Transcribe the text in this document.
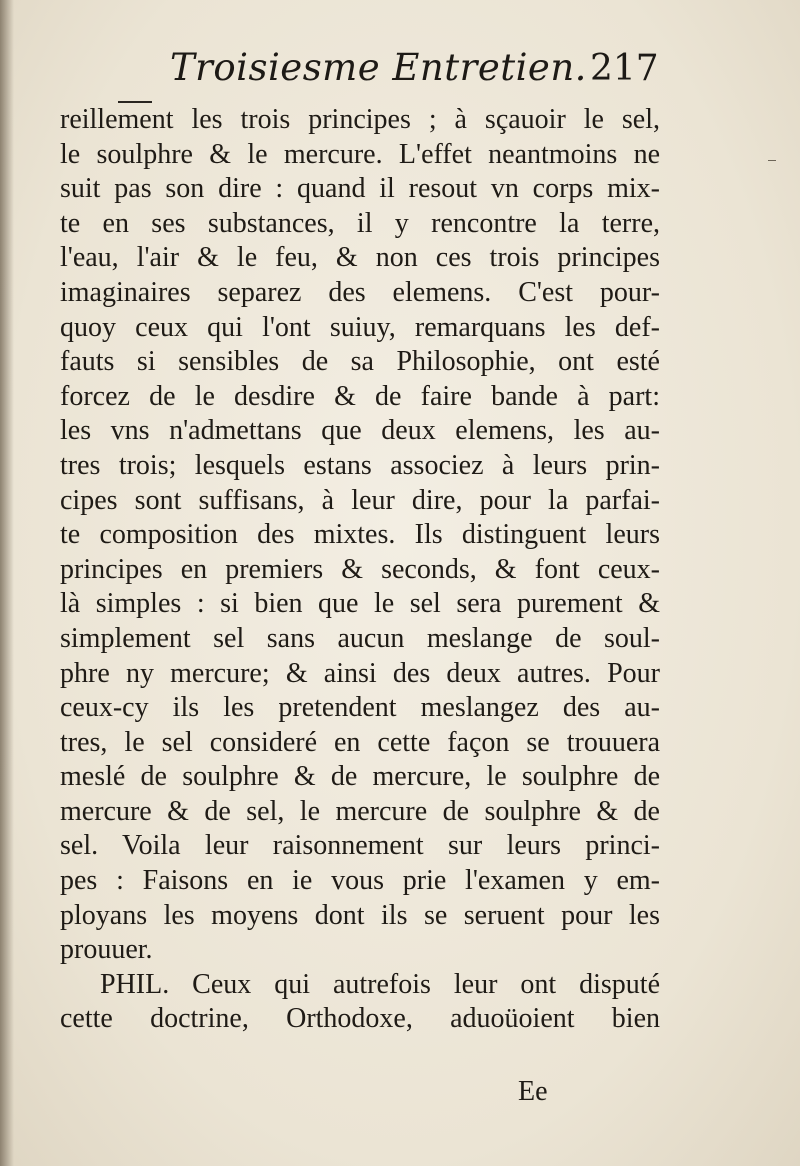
Troisiesme Entretien. 217
reillement les trois principes ; à sçauoir le sel,
le soulphre & le mercure. L'effet neantmoins ne
suit pas son dire : quand il resout vn corps mix-
te en ses substances, il y rencontre la terre,
l'eau, l'air & le feu, & non ces trois principes
imaginaires separez des elemens. C'est pour-
quoy ceux qui l'ont suiuy, remarquans les def-
fauts si sensibles de sa Philosophie, ont esté
forcez de le desdire & de faire bande à part:
les vns n'admettans que deux elemens, les au-
tres trois; lesquels estans associez à leurs prin-
cipes sont suffisans, à leur dire, pour la parfai-
te composition des mixtes. Ils distinguent leurs
principes en premiers & seconds, & font ceux-
là simples : si bien que le sel sera purement &
simplement sel sans aucun meslange de soul-
phre ny mercure; & ainsi des deux autres. Pour
ceux-cy ils les pretendent meslangez des au-
tres, le sel consideré en cette façon se trouuera
meslé de soulphre & de mercure, le soulphre de
mercure & de sel, le mercure de soulphre & de
sel. Voila leur raisonnement sur leurs princi-
pes : Faisons en ie vous prie l'examen y em-
ployans les moyens dont ils se seruent pour les
prouuer.
PHIL. Ceux qui autrefois leur ont disputé
cette doctrine, Orthodoxe, aduoüoient bien
Ee
